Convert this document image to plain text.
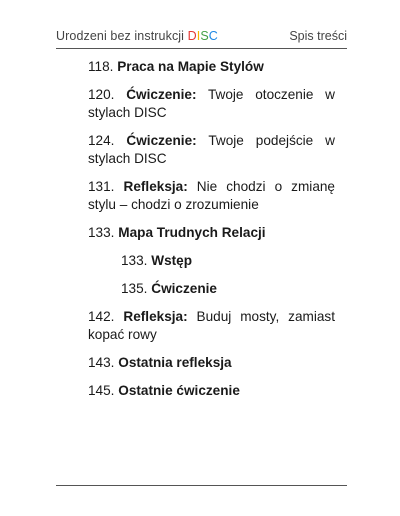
Urodzeni bez instrukcji DISC	Spis treści
118. Praca na Mapie Stylów
120. Ćwiczenie: Twoje otoczenie w stylach DISC
124. Ćwiczenie: Twoje podejście w stylach DISC
131. Refleksja: Nie chodzi o zmianę stylu – chodzi o zrozumienie
133. Mapa Trudnych Relacji
133. Wstęp
135. Ćwiczenie
142. Refleksja: Buduj mosty, zamiast kopać rowy
143. Ostatnia refleksja
145. Ostatnie ćwiczenie
